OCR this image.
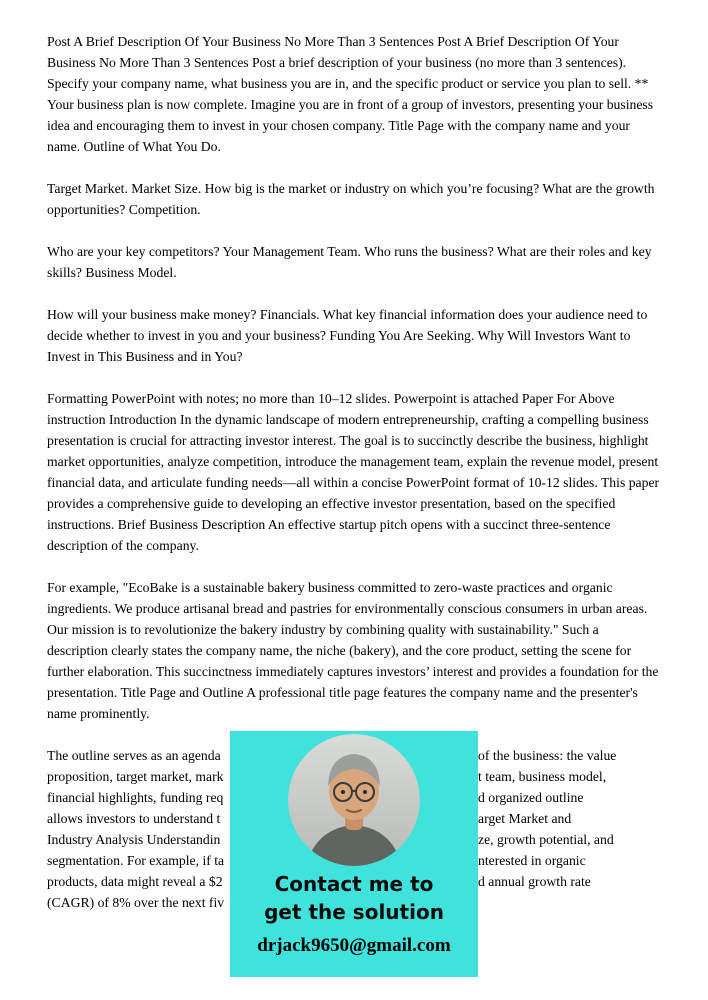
Post A Brief Description Of Your Business No More Than 3 Sentences Post A Brief Description Of Your Business No More Than 3 Sentences Post a brief description of your business (no more than 3 sentences). Specify your company name, what business you are in, and the specific product or service you plan to sell. ** Your business plan is now complete. Imagine you are in front of a group of investors, presenting your business idea and encouraging them to invest in your chosen company. Title Page with the company name and your name. Outline of What You Do.

Target Market. Market Size. How big is the market or industry on which you’re focusing? What are the growth opportunities? Competition.

Who are your key competitors? Your Management Team. Who runs the business? What are their roles and key skills? Business Model.

How will your business make money? Financials. What key financial information does your audience need to decide whether to invest in you and your business? Funding You Are Seeking. Why Will Investors Want to Invest in This Business and in You?

Formatting PowerPoint with notes; no more than 10–12 slides. Powerpoint is attached Paper For Above instruction Introduction In the dynamic landscape of modern entrepreneurship, crafting a compelling business presentation is crucial for attracting investor interest. The goal is to succinctly describe the business, highlight market opportunities, analyze competition, introduce the management team, explain the revenue model, present financial data, and articulate funding needs—all within a concise PowerPoint format of 10-12 slides. This paper provides a comprehensive guide to developing an effective investor presentation, based on the specified instructions. Brief Business Description An effective startup pitch opens with a succinct three-sentence description of the company.

For example, "EcoBake is a sustainable bakery business committed to zero-waste practices and organic ingredients. We produce artisanal bread and pastries for environmentally conscious consumers in urban areas. Our mission is to revolutionize the bakery industry by combining quality with sustainability." Such a description clearly states the company name, the niche (bakery), and the core product, setting the scene for further elaboration. This succinctness immediately captures investors’ interest and provides a foundation for the presentation. Title Page and Outline A professional title page features the company name and the presenter's name prominently.

The outline serves as an agenda	of the business: the value
proposition, target market, mark	t team, business model,
financial highlights, funding req	d organized outline
allows investors to understand t	arget Market and
Industry Analysis Understandin	ze, growth potential, and
segmentation. For example, if ta	nterested in organic
products, data might reveal a $2	d annual growth rate
(CAGR) of 8% over the next fiv
Contact me to
get the solution
drjack9650@gmail.com
